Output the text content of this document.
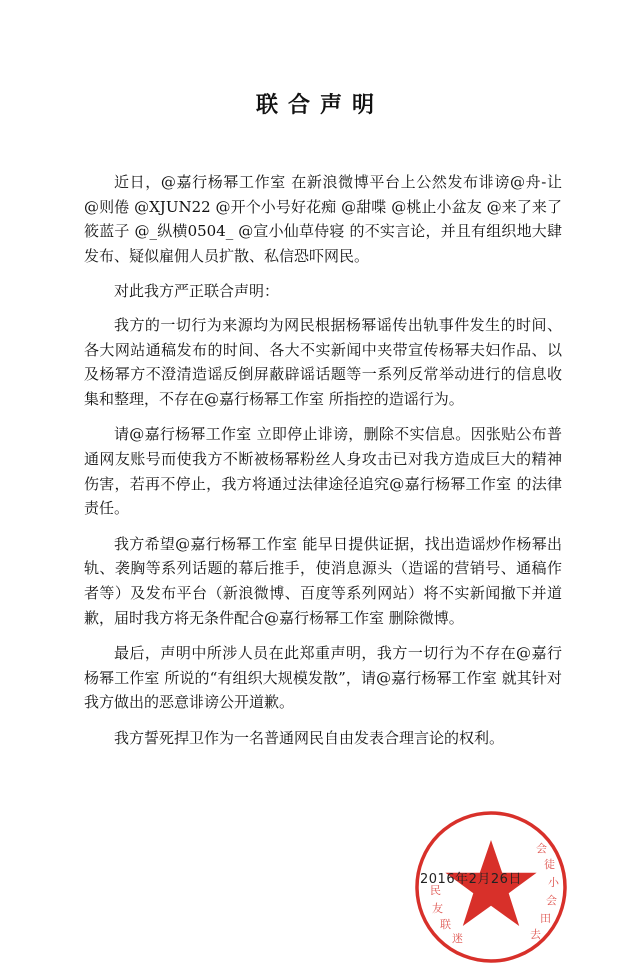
联合声明

近日，@嘉行杨幂工作室 在新浪微博平台上公然发布诽谤@舟-让 @则倦 @XJUN22 @开个小号好花痴 @甜喋 @桃止小盆友 @来了来了筱蓝子 @_纵横0504_ @宣小仙草侍寝 的不实言论，并且有组织地大肆发布、疑似雇佣人员扩散、私信恐吓网民。

对此我方严正联合声明：

我方的一切行为来源均为网民根据杨幂谣传出轨事件发生的时间、各大网站通稿发布的时间、各大不实新闻中夹带宣传杨幂夫妇作品、以及杨幂方不澄清造谣反倒屏蔽辟谣话题等一系列反常举动进行的信息收集和整理，不存在@嘉行杨幂工作室 所指控的造谣行为。

请@嘉行杨幂工作室 立即停止诽谤，删除不实信息。因张贴公布普通网友账号而使我方不断被杨幂粉丝人身攻击已对我方造成巨大的精神伤害，若再不停止，我方将通过法律途径追究@嘉行杨幂工作室 的法律责任。

我方希望@嘉行杨幂工作室 能早日提供证据，找出造谣炒作杨幂出轨、袭胸等系列话题的幕后推手，使消息源头（造谣的营销号、通稿作者等）及发布平台（新浪微博、百度等系列网站）将不实新闻撤下并道歉，届时我方将无条件配合@嘉行杨幂工作室 删除微博。

最后，声明中所涉人员在此郑重声明，我方一切行为不存在@嘉行杨幂工作室 所说的“有组织大规模发散”，请@嘉行杨幂工作室 就其针对我方做出的恶意诽谤公开道歉。

我方誓死捍卫作为一名普通网民自由发表合理言论的权利。

会
徒
小
会
田
去
民
友
联
迷
2016年2月26日
